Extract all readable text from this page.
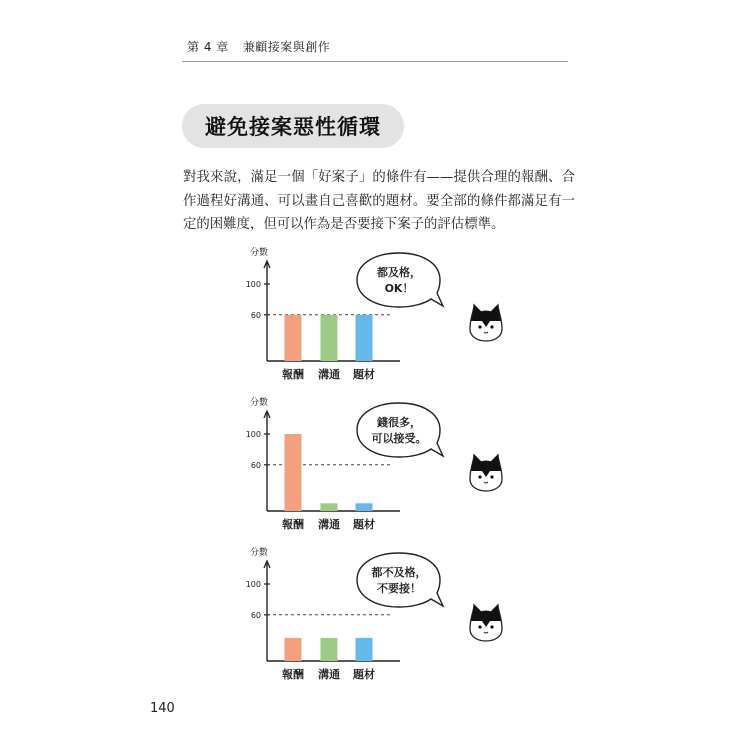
第 4 章 兼顧接案與創作
避免接案惡性循環

對我來說，滿足一個「好案子」的條件有——提供合理的報酬、合作過程好溝通、可以畫自己喜歡的題材。要全部的條件都滿足有一定的困難度，但可以作為是否要接下案子的評估標準。

分數
100
60
報酬 溝通 題材
都及格，
OK！
分數
100
60
報酬 溝通 題材
錢很多，
可以接受。
分數
100
60
報酬 溝通 題材
都不及格，
不要接！
140
